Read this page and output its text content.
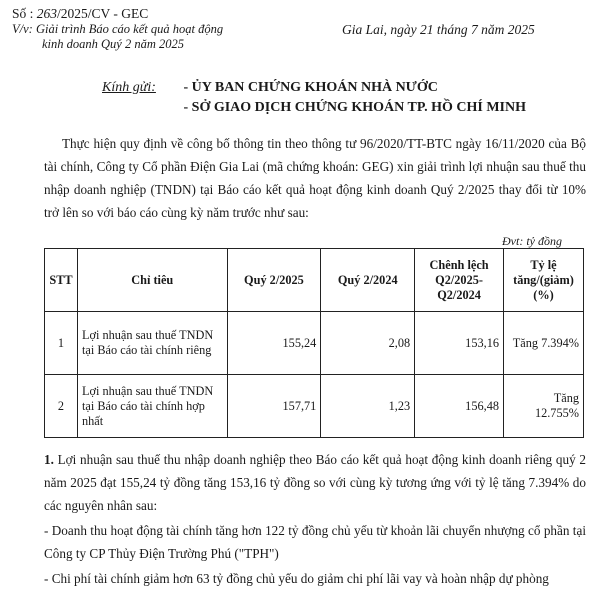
Số : 263/2025/CV - GEC
V/v: Giải trình Báo cáo kết quả hoạt động
kinh doanh Quý 2 năm 2025
Gia Lai, ngày 21 tháng 7 năm 2025
Kính gửi: - ỦY BAN CHỨNG KHOÁN NHÀ NƯỚC
- SỞ GIAO DỊCH CHỨNG KHOÁN TP. HỒ CHÍ MINH

Thực hiện quy định về công bố thông tin theo thông tư 96/2020/TT-BTC ngày 16/11/2020 của Bộ tài chính, Công ty Cổ phần Điện Gia Lai (mã chứng khoán: GEG) xin giải trình lợi nhuận sau thuế thu nhập doanh nghiệp (TNDN) tại Báo cáo kết quả hoạt động kinh doanh Quý 2/2025 thay đổi từ 10% trở lên so với báo cáo cùng kỳ năm trước như sau:

Đvt: tỷ đồng
STT	Chỉ tiêu	Quý 2/2025	Quý 2/2024	Chênh lệch Q2/2025- Q2/2024	Tỷ lệ tăng/(giảm) (%)
1	Lợi nhuận sau thuế TNDN tại Báo cáo tài chính riêng	155,24	2,08	153,16	Tăng 7.394%
2	Lợi nhuận sau thuế TNDN tại Báo cáo tài chính hợp nhất	157,71	1,23	156,48	Tăng 12.755%

1. Lợi nhuận sau thuế thu nhập doanh nghiệp theo Báo cáo kết quả hoạt động kinh doanh riêng quý 2 năm 2025 đạt 155,24 tỷ đồng tăng 153,16 tỷ đồng so với cùng kỳ tương ứng với tỷ lệ tăng 7.394% do các nguyên nhân sau:

- Doanh thu hoạt động tài chính tăng hơn 122 tỷ đồng chủ yếu từ khoản lãi chuyển nhượng cổ phần tại Công ty CP Thủy Điện Trường Phú ("TPH")

- Chi phí tài chính giảm hơn 63 tỷ đồng chủ yếu do giảm chi phí lãi vay và hoàn nhập dự phòng
